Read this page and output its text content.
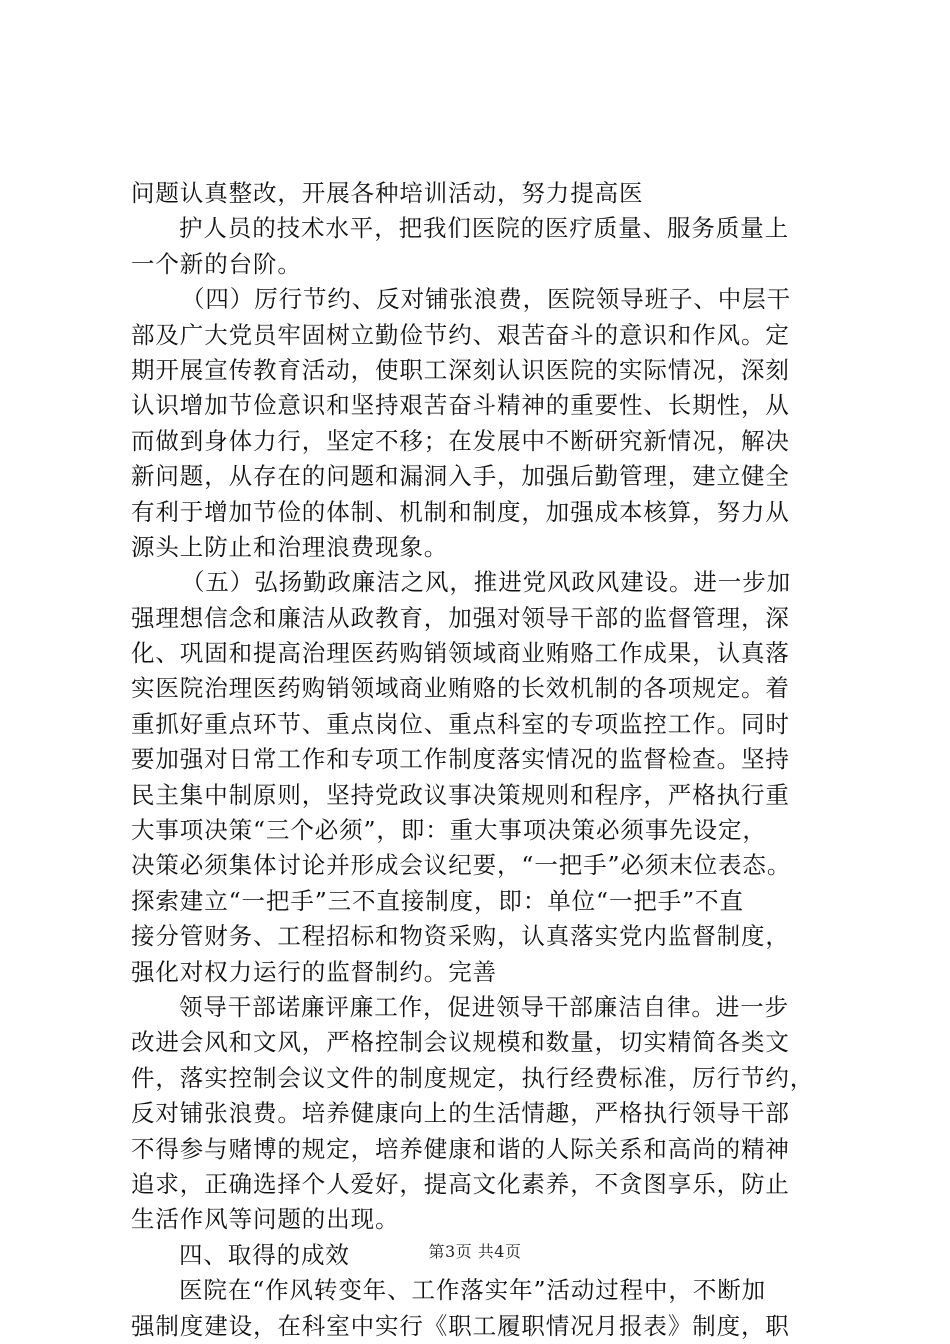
问题认真整改，开展各种培训活动，努力提高医
护人员的技术水平，把我们医院的医疗质量、服务质量上
一个新的台阶。
（四）厉行节约、反对铺张浪费，医院领导班子、中层干
部及广大党员牢固树立勤俭节约、艰苦奋斗的意识和作风。定
期开展宣传教育活动，使职工深刻认识医院的实际情况，深刻
认识增加节俭意识和坚持艰苦奋斗精神的重要性、长期性，从
而做到身体力行，坚定不移；在发展中不断研究新情况，解决
新问题，从存在的问题和漏洞入手，加强后勤管理，建立健全
有利于增加节俭的体制、机制和制度，加强成本核算，努力从
源头上防止和治理浪费现象。
（五）弘扬勤政廉洁之风，推进党风政风建设。进一步加
强理想信念和廉洁从政教育，加强对领导干部的监督管理，深
化、巩固和提高治理医药购销领域商业贿赂工作成果，认真落
实医院治理医药购销领域商业贿赂的长效机制的各项规定。着
重抓好重点环节、重点岗位、重点科室的专项监控工作。同时
要加强对日常工作和专项工作制度落实情况的监督检查。坚持
民主集中制原则，坚持党政议事决策规则和程序，严格执行重
大事项决策“三个必须”，即：重大事项决策必须事先设定，
决策必须集体讨论并形成会议纪要，“一把手”必须末位表态。
探索建立“一把手”三不直接制度，即：单位“一把手”不直
接分管财务、工程招标和物资采购，认真落实党内监督制度，
强化对权力运行的监督制约。完善
领导干部诺廉评廉工作，促进领导干部廉洁自律。进一步
改进会风和文风，严格控制会议规模和数量，切实精简各类文
件，落实控制会议文件的制度规定，执行经费标准，厉行节约，
反对铺张浪费。培养健康向上的生活情趣，严格执行领导干部
不得参与赌博的规定，培养健康和谐的人际关系和高尚的精神
追求，正确选择个人爱好，提高文化素养，不贪图享乐，防止
生活作风等问题的出现。
四、取得的成效
医院在“作风转变年、工作落实年”活动过程中，不断加
强制度建设，在科室中实行《职工履职情况月报表》制度，职
第3页 共4页
